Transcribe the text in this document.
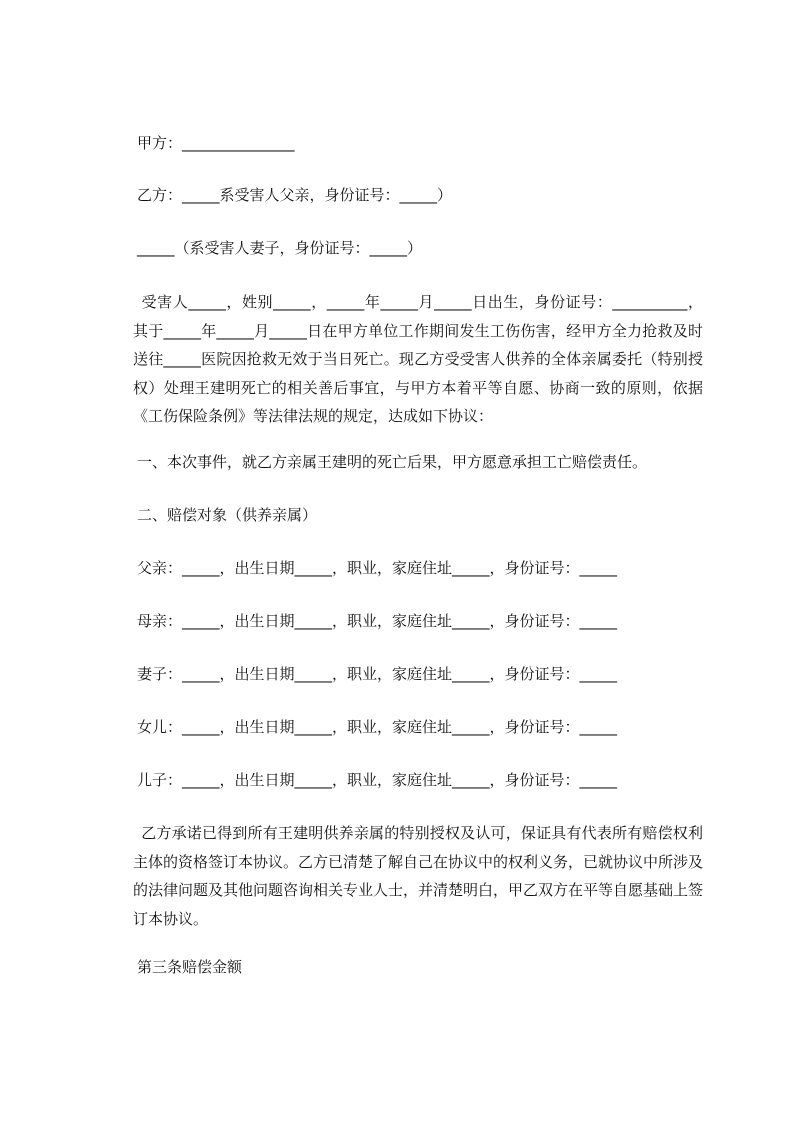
甲方：_______________
乙方：_____系受害人父亲，身份证号：_____）
_____（系受害人妻子，身份证号：_____）
受害人_____，姓别_____，_____年_____月_____日出生，身份证号：__________，其于_____年_____月_____日在甲方单位工作期间发生工伤伤害，经甲方全力抢救及时送往_____医院因抢救无效于当日死亡。现乙方受受害人供养的全体亲属委托（特别授权）处理王建明死亡的相关善后事宜，与甲方本着平等自愿、协商一致的原则，依据《工伤保险条例》等法律法规的规定，达成如下协议：
一、本次事件，就乙方亲属王建明的死亡后果，甲方愿意承担工亡赔偿责任。
二、赔偿对象（供养亲属）
父亲：_____，出生日期_____，职业，家庭住址_____，身份证号：_____
母亲：_____，出生日期_____，职业，家庭住址_____，身份证号：_____
妻子：_____，出生日期_____，职业，家庭住址_____，身份证号：_____
女儿：_____，出生日期_____，职业，家庭住址_____，身份证号：_____
儿子：_____，出生日期_____，职业，家庭住址_____，身份证号：_____
乙方承诺已得到所有王建明供养亲属的特别授权及认可，保证具有代表所有赔偿权利主体的资格签订本协议。乙方已清楚了解自己在协议中的权利义务，已就协议中所涉及的法律问题及其他问题咨询相关专业人士，并清楚明白，甲乙双方在平等自愿基础上签订本协议。
第三条赔偿金额
